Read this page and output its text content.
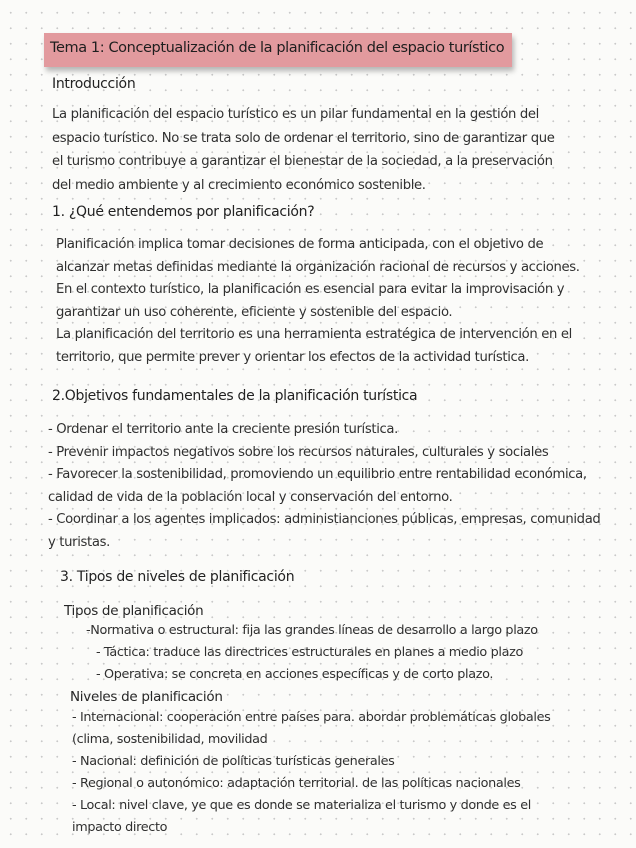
Tema 1: Conceptualización de la planificación del espacio turístico
Introducción
La planificación del espacio turístico es un pilar fundamental en la gestión del
espacio turístico. No se trata solo de ordenar el territorio, sino de garantizar que
el turismo contribuye a garantizar el bienestar de la sociedad, a la preservación
del medio ambiente y al crecimiento económico sostenible.
1. ¿Qué entendemos por planificación?
Planificación implica tomar decisiones de forma anticipada, con el objetivo de
alcanzar metas definidas mediante la organización racional de recursos y acciones.
En el contexto turístico, la planificación es esencial para evitar la improvisación y
garantizar un uso coherente, eficiente y sostenible del espacio.
La planificación del territorio es una herramienta estratégica de intervención en el
territorio, que permite prever y orientar los efectos de la actividad turística.
2.Objetivos fundamentales de la planificación turística
- Ordenar el territorio ante la creciente presión turística.
- Prevenir impactos negativos sobre los recursos naturales, culturales y sociales
- Favorecer la sostenibilidad, promoviendo un equilibrio entre rentabilidad económica,
calidad de vida de la población local y conservación del entorno.
- Coordinar a los agentes implicados: administianciones públicas, empresas, comunidad
y turistas.
3. Tipos de niveles de planificación
Tipos de planificación
-Normativa o estructural: fija las grandes líneas de desarrollo a largo plazo
- Táctica: traduce las directrices estructurales en planes a medio plazo
- Operativa: se concreta en acciones específicas y de corto plazo.
Niveles de planificación
- Internacional: cooperación entre países para. abordar problemáticas globales
(clima, sostenibilidad, movilidad
- Nacional: definición de políticas turísticas generales
- Regional o autonómico: adaptación territorial. de las políticas nacionales
- Local: nivel clave, ye que es donde se materializa el turismo y donde es el
impacto directo
